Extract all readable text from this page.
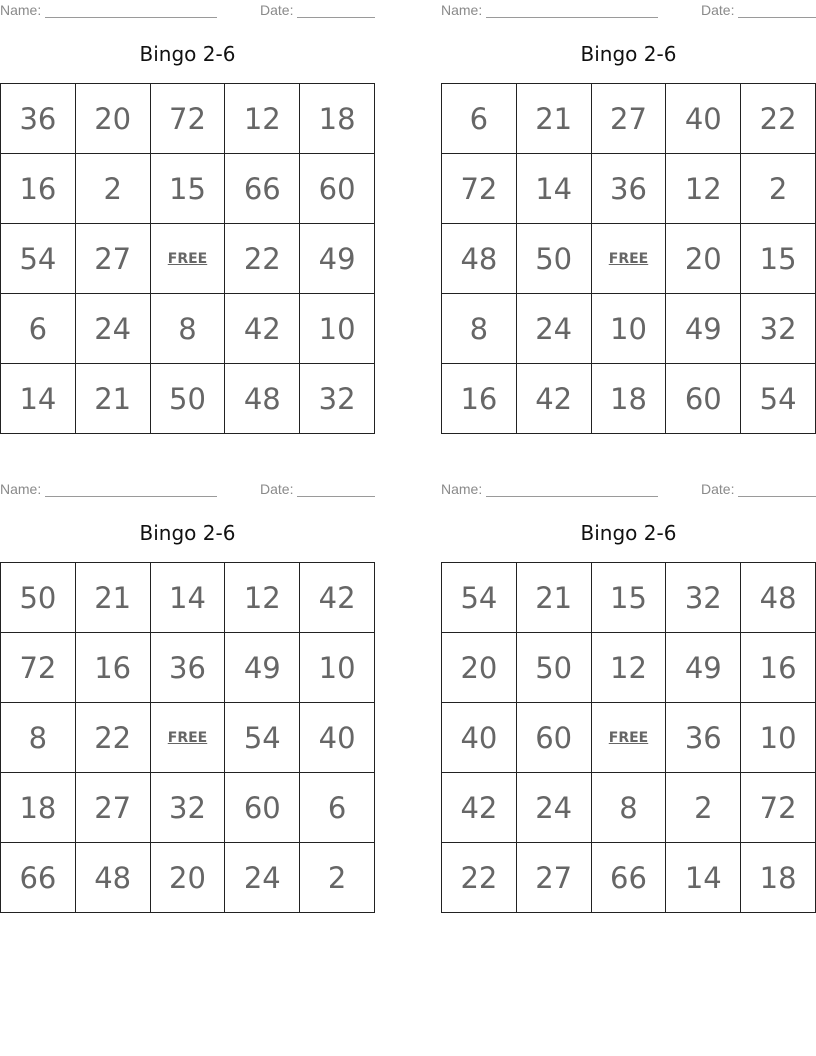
Name:	Date:
Bingo 2-6
36	20	72	12	18
16	2	15	66	60
54	27	FREE	22	49
6	24	8	42	10
14	21	50	48	32
Name:	Date:
Bingo 2-6
6	21	27	40	22
72	14	36	12	2
48	50	FREE	20	15
8	24	10	49	32
16	42	18	60	54
Name:	Date:
Bingo 2-6
50	21	14	12	42
72	16	36	49	10
8	22	FREE	54	40
18	27	32	60	6
66	48	20	24	2
Name:	Date:
Bingo 2-6
54	21	15	32	48
20	50	12	49	16
40	60	FREE	36	10
42	24	8	2	72
22	27	66	14	18
